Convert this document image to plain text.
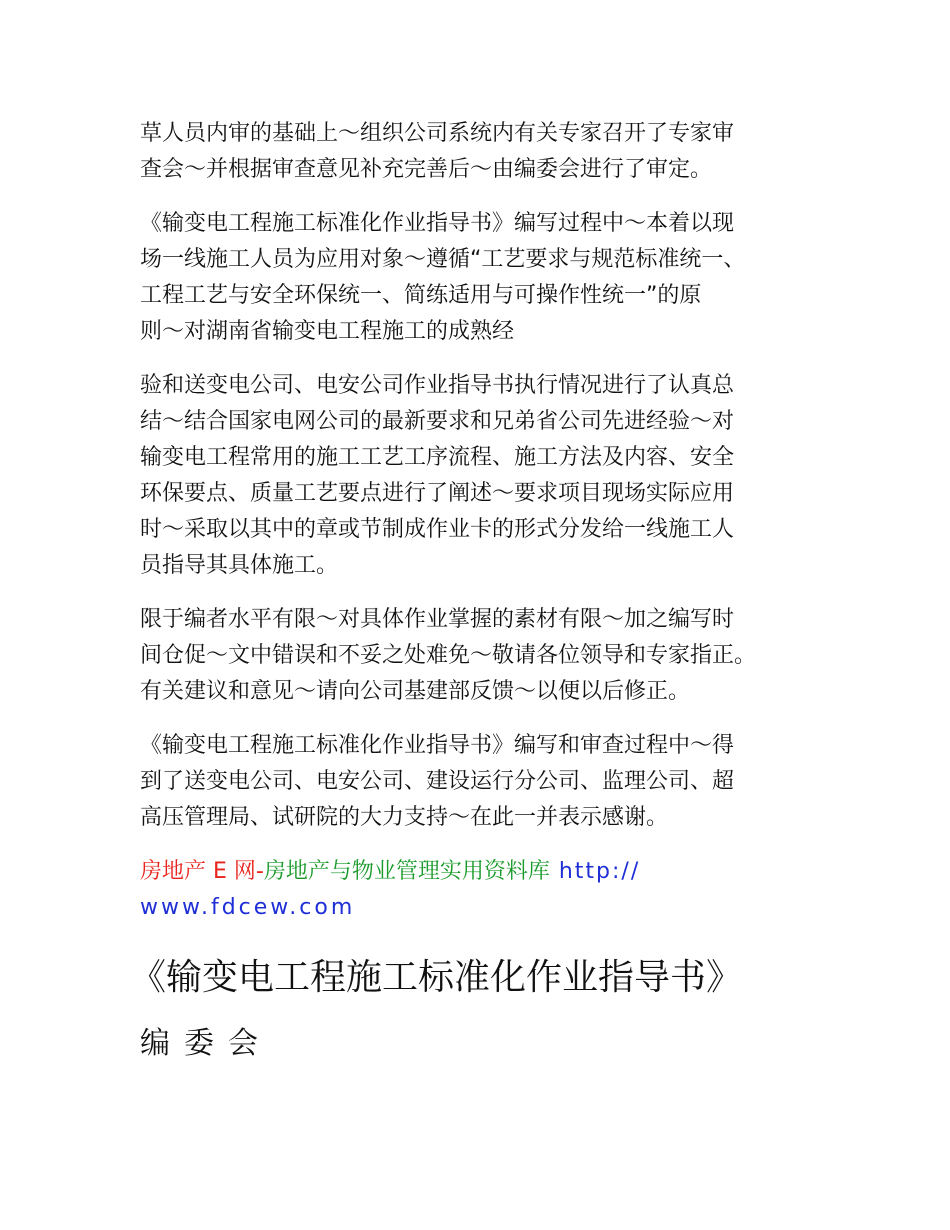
草人员内审的基础上～组织公司系统内有关专家召开了专家审
查会～并根据审查意见补充完善后～由编委会进行了审定。

《输变电工程施工标准化作业指导书》编写过程中～本着以现
场一线施工人员为应用对象～遵循“工艺要求与规范标准统一、
工程工艺与安全环保统一、简练适用与可操作性统一”的原
则～对湖南省输变电工程施工的成熟经

验和送变电公司、电安公司作业指导书执行情况进行了认真总
结～结合国家电网公司的最新要求和兄弟省公司先进经验～对
输变电工程常用的施工工艺工序流程、施工方法及内容、安全
环保要点、质量工艺要点进行了阐述～要求项目现场实际应用
时～采取以其中的章或节制成作业卡的形式分发给一线施工人
员指导其具体施工。

限于编者水平有限～对具体作业掌握的素材有限～加之编写时
间仓促～文中错误和不妥之处难免～敬请各位领导和专家指正。
有关建议和意见～请向公司基建部反馈～以便以后修正。

《输变电工程施工标准化作业指导书》编写和审查过程中～得
到了送变电公司、电安公司、建设运行分公司、监理公司、超
高压管理局、试研院的大力支持～在此一并表示感谢。

房地产 E 网-房地产与物业管理实用资料库 http://
www.fdcew.com

《输变电工程施工标准化作业指导书》
编委会
